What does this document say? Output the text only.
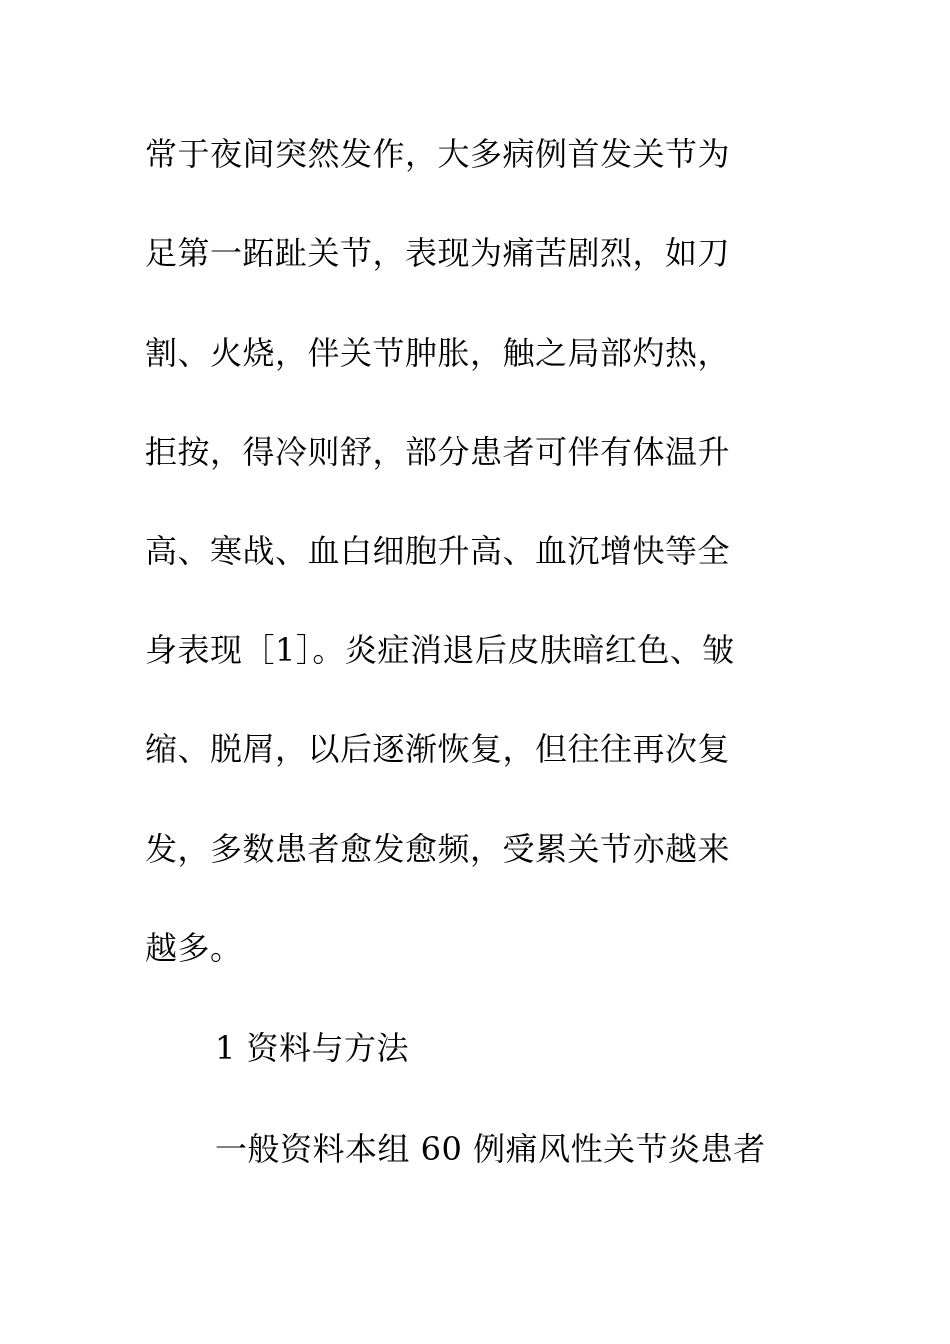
常于夜间突然发作，大多病例首发关节为
足第一跖趾关节，表现为痛苦剧烈，如刀
割、火烧，伴关节肿胀，触之局部灼热，
拒按，得冷则舒，部分患者可伴有体温升
高、寒战、血白细胞升高、血沉增快等全
身表现［1］。炎症消退后皮肤暗红色、皱
缩、脱屑，以后逐渐恢复，但往往再次复
发，多数患者愈发愈频，受累关节亦越来
越多。
1 资料与方法
一般资料本组 60 例痛风性关节炎患者
